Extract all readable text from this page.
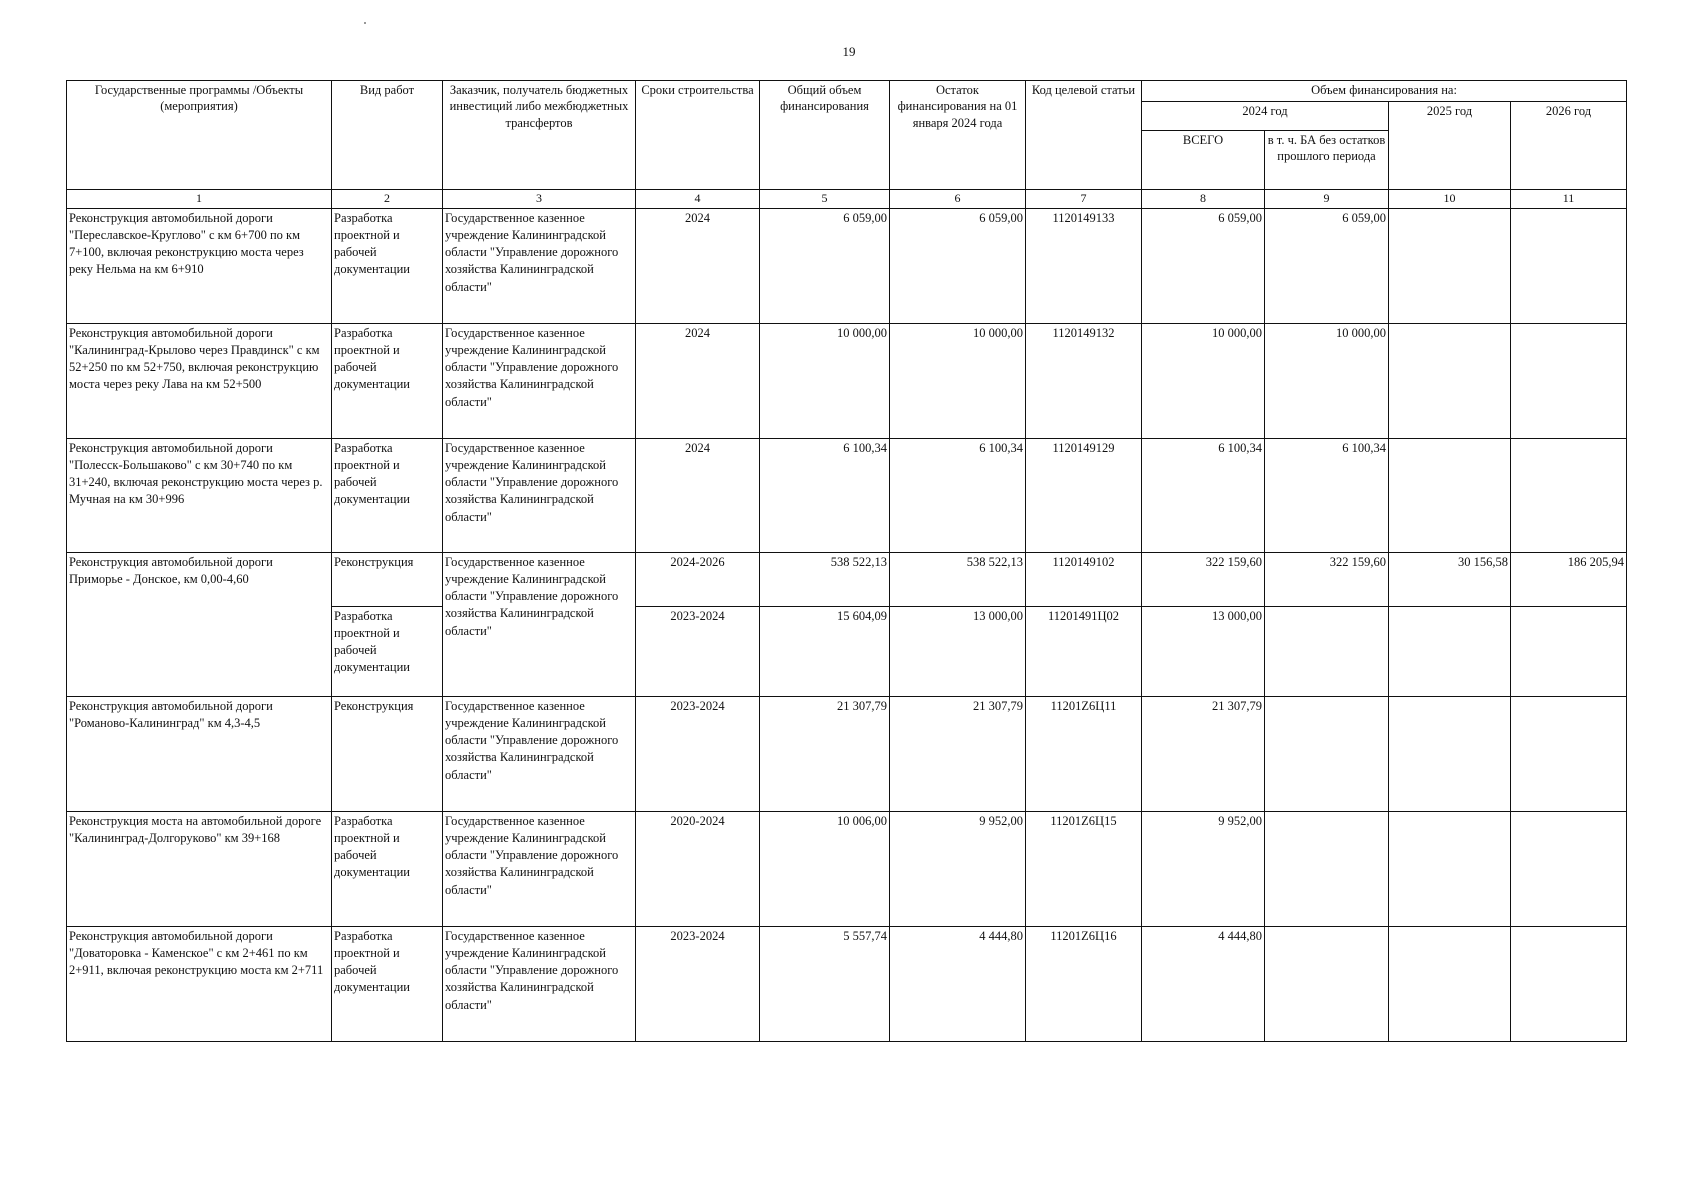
19
Государственные программы /Объекты (мероприятия)	Вид работ	Заказчик, получатель бюджетных инвестиций либо межбюджетных трансфертов	Сроки строительства	Общий объем финансирования	Остаток финансирования на 01 января 2024 года	Код целевой статьи	Объем финансирования на:			
							2024 год		2025 год	2026 год
							ВСЕГО	в т. ч. БА без остатков прошлого периода		
1	2	3	4	5	6	7	8	9	10	11
Реконструкция автомобильной дороги "Переславское-Круглово" с км 6+700 по км 7+100, включая реконструкцию моста через реку Нельма на км 6+910	Разработка проектной и рабочей документации	Государственное казенное учреждение Калининградской области "Управление дорожного хозяйства Калининградской области"	2024	6 059,00	6 059,00	1120149133	6 059,00	6 059,00		
Реконструкция автомобильной дороги "Калининград-Крылово через Правдинск" с км 52+250 по км 52+750, включая реконструкцию моста через реку Лава на км 52+500	Разработка проектной и рабочей документации	Государственное казенное учреждение Калининградской области "Управление дорожного хозяйства Калининградской области"	2024	10 000,00	10 000,00	1120149132	10 000,00	10 000,00		
Реконструкция автомобильной дороги "Полесск-Большаково" с км 30+740 по км 31+240, включая реконструкцию моста через р. Мучная на км 30+996	Разработка проектной и рабочей документации	Государственное казенное учреждение Калининградской области "Управление дорожного хозяйства Калининградской области"	2024	6 100,34	6 100,34	1120149129	6 100,34	6 100,34		
Реконструкция автомобильной дороги Приморье - Донское, км 0,00-4,60	Реконструкция	Государственное казенное учреждение Калининградской области "Управление дорожного хозяйства Калининградской области"	2024-2026	538 522,13	538 522,13	1120149102	322 159,60	322 159,60	30 156,58	186 205,94
	Разработка проектной и рабочей документации		2023-2024	15 604,09	13 000,00	11201491Ц02	13 000,00			
Реконструкция автомобильной дороги "Романово-Калининград" км 4,3-4,5	Реконструкция	Государственное казенное учреждение Калининградской области "Управление дорожного хозяйства Калининградской области"	2023-2024	21 307,79	21 307,79	11201Z6Ц11	21 307,79			
Реконструкция моста на автомобильной дороге "Калининград-Долгоруково" км 39+168	Разработка проектной и рабочей документации	Государственное казенное учреждение Калининградской области "Управление дорожного хозяйства Калининградской области"	2020-2024	10 006,00	9 952,00	11201Z6Ц15	9 952,00			
Реконструкция автомобильной дороги "Доваторовка - Каменское" с км 2+461 по км 2+911, включая реконструкцию моста км 2+711	Разработка проектной и рабочей документации	Государственное казенное учреждение Калининградской области "Управление дорожного хозяйства Калининградской области"	2023-2024	5 557,74	4 444,80	11201Z6Ц16	4 444,80			
